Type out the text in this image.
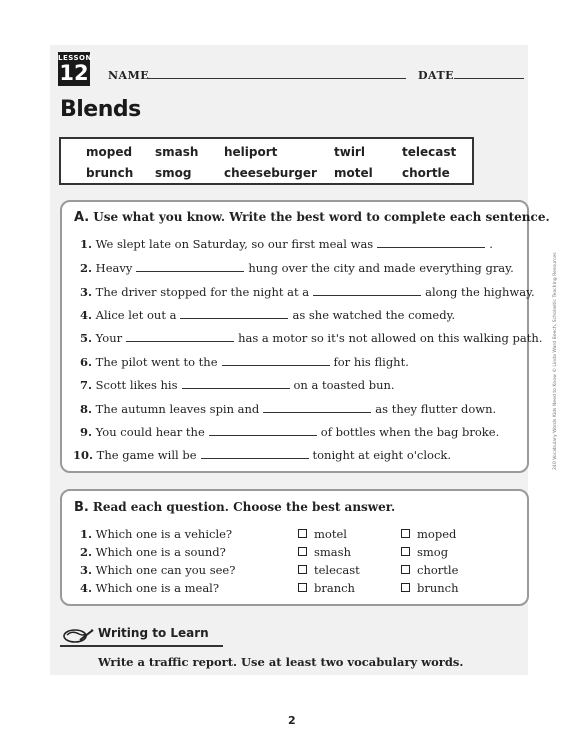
LESSON
12 NAME	DATE
Blends
moped smash heliport	twirl	telecast
brunch smog	cheeseburger motel chortle
A. Use what you know. Write the best word to complete each sentence.
1. We slept late on Saturday, so our first meal was	.
2. Heavy	hung over the city and made everything gray.
3. The driver stopped for the night at a	along the highway.
4. Alice let out a	as she watched the comedy.
5. Your	has a motor so it's not allowed on this walking path.
6. The pilot went to the	for his flight.
7. Scott likes his	on a toasted bun.
8. The autumn leaves spin and	as they flutter down.
9. You could hear the	of bottles when the bag broke.
10. The game will be	tonight at eight o'clock.
B. Read each question. Choose the best answer.
1. Which one is a vehicle?	motel	moped
2. Which one is a sound?	smash	smog
3. Which one can you see?	telecast	chortle
4. Which one is a meal?	branch	brunch
Writing to Learn
Write a traffic report. Use at least two vocabulary words.
2
240 Vocabulary Words Kids Need to Know © Linda Ward Beech, Scholastic Teaching Resources
